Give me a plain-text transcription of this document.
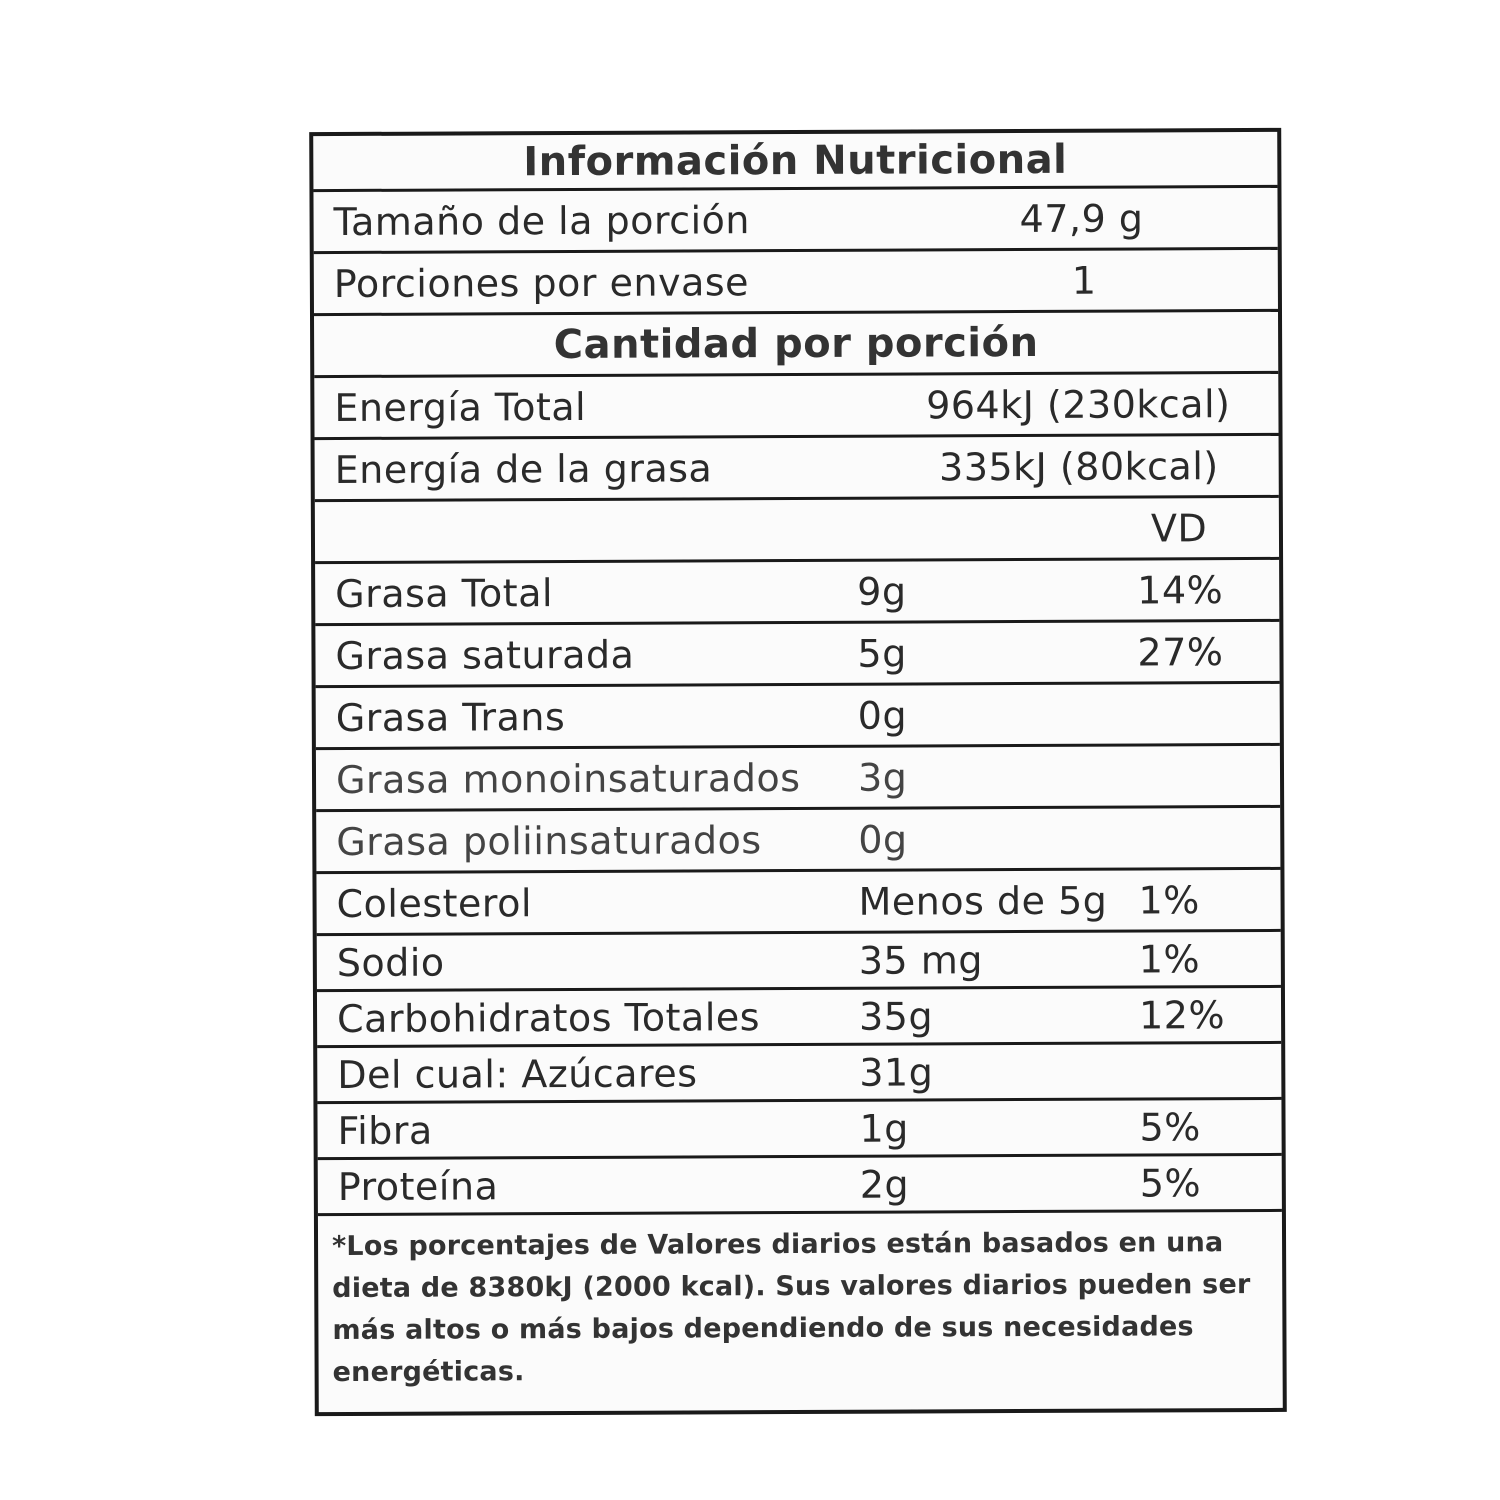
Información Nutricional
Tamaño de la porción	47,9 g
Porciones por envase	1
Cantidad por porción
Energía Total	964kJ (230kcal)
Energía de la grasa	335kJ (80kcal)
VD
Grasa Total	9g	14%
Grasa saturada	5g	27%
Grasa Trans	0g
Grasa monoinsaturados 3g
Grasa poliinsaturados	0g
Colesterol	Menos de 5g 1%
Sodio	35 mg	1%
Carbohidratos Totales	35g	12%
Del cual: Azúcares	31g
Fibra	1g	5%
Proteína	2g	5%
*Los porcentajes de Valores diarios están basados en una dieta de 8380kJ (2000 kcal). Sus valores diarios pueden ser más altos o más bajos dependiendo de sus necesidades energéticas.
